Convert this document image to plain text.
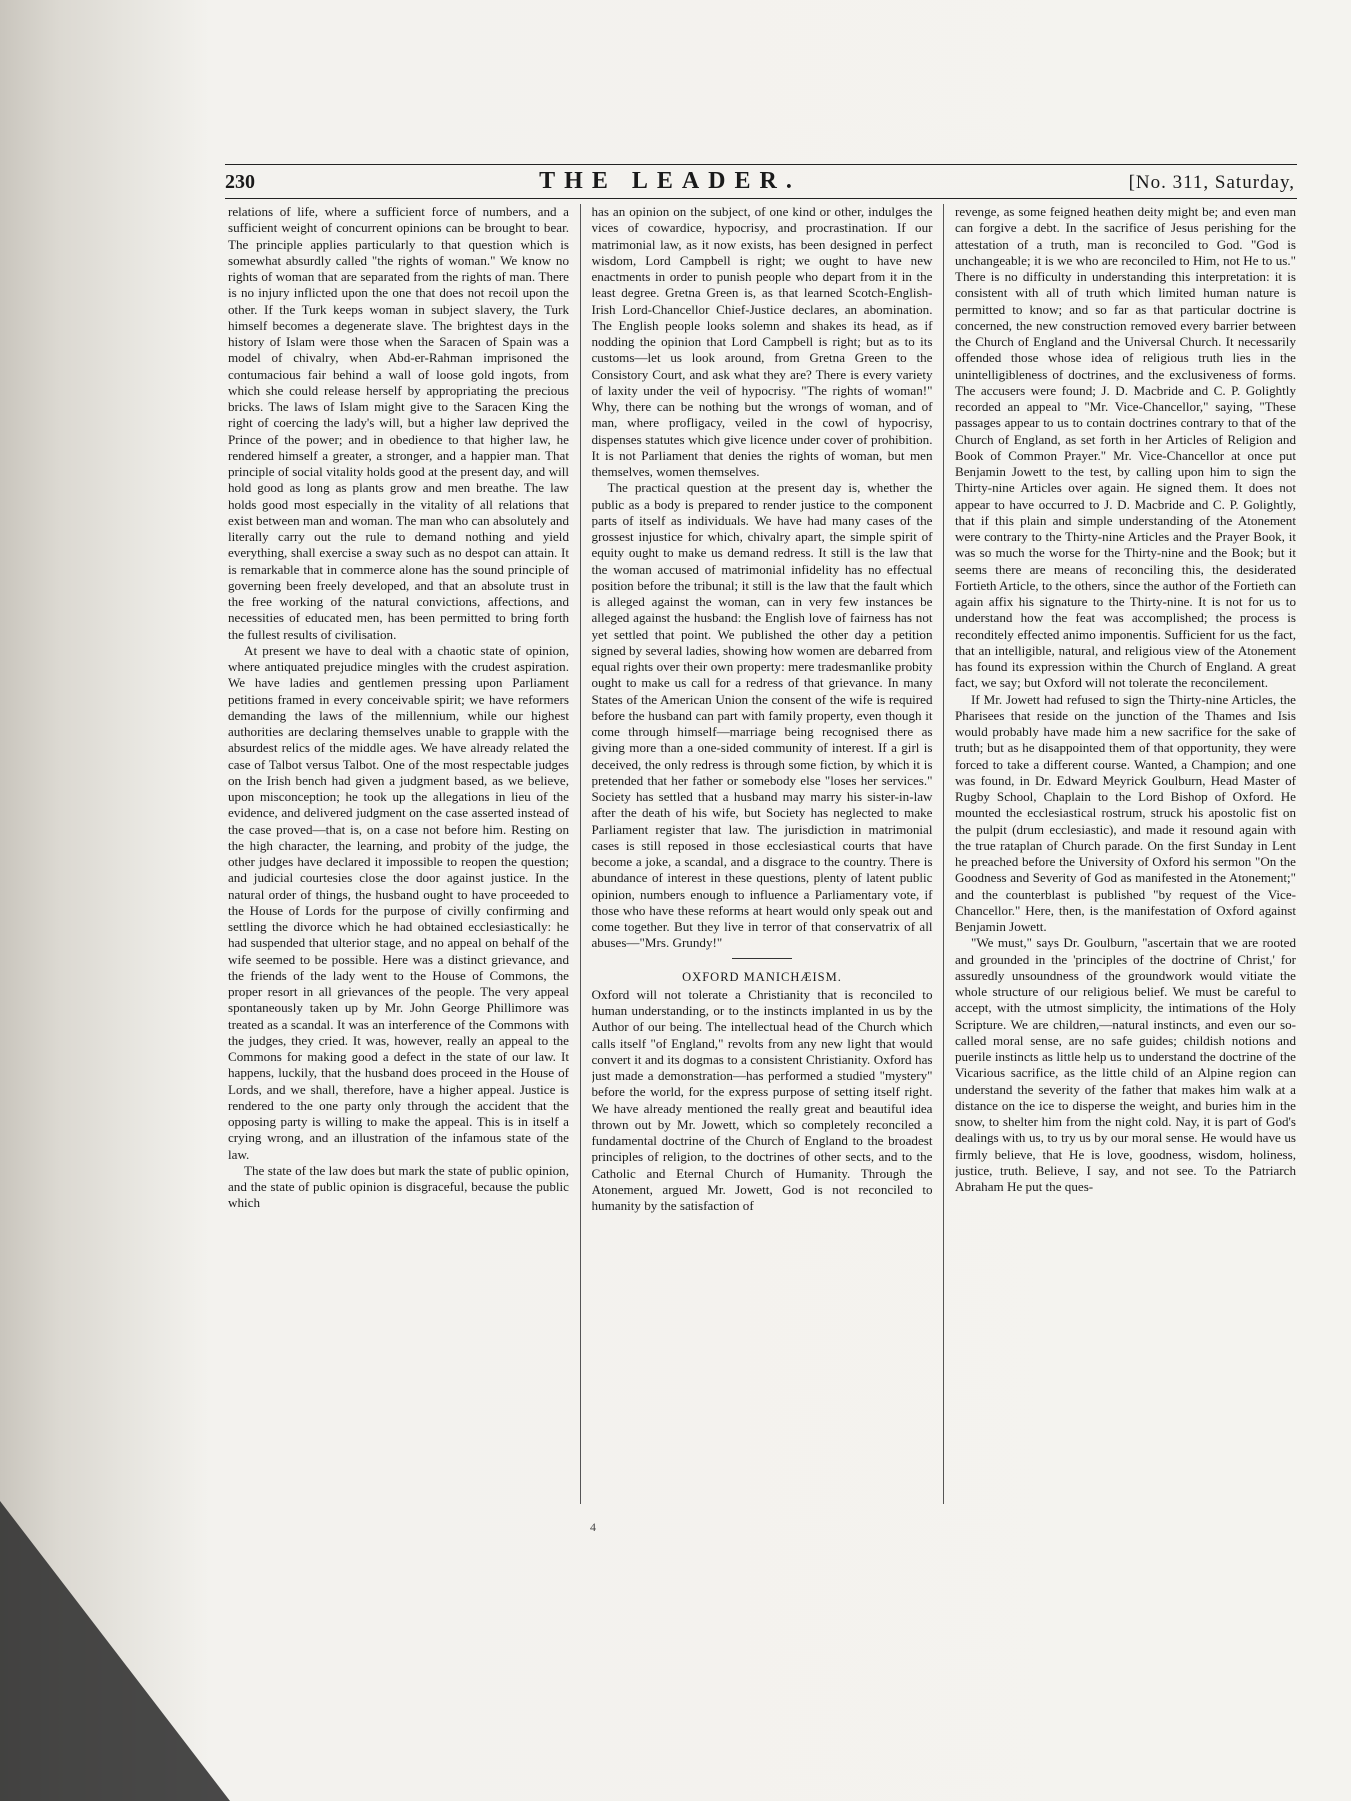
230	THE LEADER.	[No. 311, Saturday,

relations of life, where a sufficient force of numbers, and a sufficient weight of concurrent opinions can be brought to bear. The principle applies particularly to that question which is somewhat absurdly called "the rights of woman." We know no rights of woman that are separated from the rights of man. There is no injury inflicted upon the one that does not recoil upon the other. If the Turk keeps woman in subject slavery, the Turk himself becomes a degenerate slave. The brightest days in the history of Islam were those when the Saracen of Spain was a model of chivalry, when Abd-er-Rahman imprisoned the contumacious fair behind a wall of loose gold ingots, from which she could release herself by appropriating the precious bricks. The laws of Islam might give to the Saracen King the right of coercing the lady's will, but a higher law deprived the Prince of the power; and in obedience to that higher law, he rendered himself a greater, a stronger, and a happier man. That principle of social vitality holds good at the present day, and will hold good as long as plants grow and men breathe. The law holds good most especially in the vitality of all relations that exist between man and woman. The man who can absolutely and literally carry out the rule to demand nothing and yield everything, shall exercise a sway such as no despot can attain. It is remarkable that in commerce alone has the sound principle of governing been freely developed, and that an absolute trust in the free working of the natural convictions, affections, and necessities of educated men, has been permitted to bring forth the fullest results of civilisation.

At present we have to deal with a chaotic state of opinion, where antiquated prejudice mingles with the crudest aspiration. We have ladies and gentlemen pressing upon Parliament petitions framed in every conceivable spirit; we have reformers demanding the laws of the millennium, while our highest authorities are declaring themselves unable to grapple with the absurdest relics of the middle ages. We have already related the case of Talbot versus Talbot. One of the most respectable judges on the Irish bench had given a judgment based, as we believe, upon misconception; he took up the allegations in lieu of the evidence, and delivered judgment on the case asserted instead of the case proved—that is, on a case not before him. Resting on the high character, the learning, and probity of the judge, the other judges have declared it impossible to reopen the question; and judicial courtesies close the door against justice. In the natural order of things, the husband ought to have proceeded to the House of Lords for the purpose of civilly confirming and settling the divorce which he had obtained ecclesiastically: he had suspended that ulterior stage, and no appeal on behalf of the wife seemed to be possible. Here was a distinct grievance, and the friends of the lady went to the House of Commons, the proper resort in all grievances of the people. The very appeal spontaneously taken up by Mr. John George Phillimore was treated as a scandal. It was an interference of the Commons with the judges, they cried. It was, however, really an appeal to the Commons for making good a defect in the state of our law. It happens, luckily, that the husband does proceed in the House of Lords, and we shall, therefore, have a higher appeal. Justice is rendered to the one party only through the accident that the opposing party is willing to make the appeal. This is in itself a crying wrong, and an illustration of the infamous state of the law.

The state of the law does but mark the state of public opinion, and the state of public opinion is disgraceful, because the public which

has an opinion on the subject, of one kind or other, indulges the vices of cowardice, hypocrisy, and procrastination. If our matrimonial law, as it now exists, has been designed in perfect wisdom, Lord Campbell is right; we ought to have new enactments in order to punish people who depart from it in the least degree. Gretna Green is, as that learned Scotch-English-Irish Lord-Chancellor Chief-Justice declares, an abomination. The English people looks solemn and shakes its head, as if nodding the opinion that Lord Campbell is right; but as to its customs—let us look around, from Gretna Green to the Consistory Court, and ask what they are? There is every variety of laxity under the veil of hypocrisy. "The rights of woman!" Why, there can be nothing but the wrongs of woman, and of man, where profligacy, veiled in the cowl of hypocrisy, dispenses statutes which give licence under cover of prohibition. It is not Parliament that denies the rights of woman, but men themselves, women themselves.

The practical question at the present day is, whether the public as a body is prepared to render justice to the component parts of itself as individuals. We have had many cases of the grossest injustice for which, chivalry apart, the simple spirit of equity ought to make us demand redress. It still is the law that the woman accused of matrimonial infidelity has no effectual position before the tribunal; it still is the law that the fault which is alleged against the woman, can in very few instances be alleged against the husband: the English love of fairness has not yet settled that point. We published the other day a petition signed by several ladies, showing how women are debarred from equal rights over their own property: mere tradesmanlike probity ought to make us call for a redress of that grievance. In many States of the American Union the consent of the wife is required before the husband can part with family property, even though it come through himself—marriage being recognised there as giving more than a one-sided community of interest. If a girl is deceived, the only redress is through some fiction, by which it is pretended that her father or somebody else "loses her services." Society has settled that a husband may marry his sister-in-law after the death of his wife, but Society has neglected to make Parliament register that law. The jurisdiction in matrimonial cases is still reposed in those ecclesiastical courts that have become a joke, a scandal, and a disgrace to the country. There is abundance of interest in these questions, plenty of latent public opinion, numbers enough to influence a Parliamentary vote, if those who have these reforms at heart would only speak out and come together. But they live in terror of that conservatrix of all abuses—"Mrs. Grundy!"

OXFORD MANICHÆISM.

Oxford will not tolerate a Christianity that is reconciled to human understanding, or to the instincts implanted in us by the Author of our being. The intellectual head of the Church which calls itself "of England," revolts from any new light that would convert it and its dogmas to a consistent Christianity. Oxford has just made a demonstration—has performed a studied "mystery" before the world, for the express purpose of setting itself right. We have already mentioned the really great and beautiful idea thrown out by Mr. Jowett, which so completely reconciled a fundamental doctrine of the Church of England to the broadest principles of religion, to the doctrines of other sects, and to the Catholic and Eternal Church of Humanity. Through the Atonement, argued Mr. Jowett, God is not reconciled to humanity by the satisfaction of

revenge, as some feigned heathen deity might be; and even man can forgive a debt. In the sacrifice of Jesus perishing for the attestation of a truth, man is reconciled to God. "God is unchangeable; it is we who are reconciled to Him, not He to us." There is no difficulty in understanding this interpretation: it is consistent with all of truth which limited human nature is permitted to know; and so far as that particular doctrine is concerned, the new construction removed every barrier between the Church of England and the Universal Church. It necessarily offended those whose idea of religious truth lies in the unintelligibleness of doctrines, and the exclusiveness of forms. The accusers were found; J. D. Macbride and C. P. Golightly recorded an appeal to "Mr. Vice-Chancellor," saying, "These passages appear to us to contain doctrines contrary to that of the Church of England, as set forth in her Articles of Religion and Book of Common Prayer." Mr. Vice-Chancellor at once put Benjamin Jowett to the test, by calling upon him to sign the Thirty-nine Articles over again. He signed them. It does not appear to have occurred to J. D. Macbride and C. P. Golightly, that if this plain and simple understanding of the Atonement were contrary to the Thirty-nine Articles and the Prayer Book, it was so much the worse for the Thirty-nine and the Book; but it seems there are means of reconciling this, the desiderated Fortieth Article, to the others, since the author of the Fortieth can again affix his signature to the Thirty-nine. It is not for us to understand how the feat was accomplished; the process is reconditely effected animo imponentis. Sufficient for us the fact, that an intelligible, natural, and religious view of the Atonement has found its expression within the Church of England. A great fact, we say; but Oxford will not tolerate the reconcilement.

If Mr. Jowett had refused to sign the Thirty-nine Articles, the Pharisees that reside on the junction of the Thames and Isis would probably have made him a new sacrifice for the sake of truth; but as he disappointed them of that opportunity, they were forced to take a different course. Wanted, a Champion; and one was found, in Dr. Edward Meyrick Goulburn, Head Master of Rugby School, Chaplain to the Lord Bishop of Oxford. He mounted the ecclesiastical rostrum, struck his apostolic fist on the pulpit (drum ecclesiastic), and made it resound again with the true rataplan of Church parade. On the first Sunday in Lent he preached before the University of Oxford his sermon "On the Goodness and Severity of God as manifested in the Atonement;" and the counterblast is published "by request of the Vice-Chancellor." Here, then, is the manifestation of Oxford against Benjamin Jowett.

"We must," says Dr. Goulburn, "ascertain that we are rooted and grounded in the 'principles of the doctrine of Christ,' for assuredly unsoundness of the groundwork would vitiate the whole structure of our religious belief. We must be careful to accept, with the utmost simplicity, the intimations of the Holy Scripture. We are children,—natural instincts, and even our so-called moral sense, are no safe guides; childish notions and puerile instincts as little help us to understand the doctrine of the Vicarious sacrifice, as the little child of an Alpine region can understand the severity of the father that makes him walk at a distance on the ice to disperse the weight, and buries him in the snow, to shelter him from the night cold. Nay, it is part of God's dealings with us, to try us by our moral sense. He would have us firmly believe, that He is love, goodness, wisdom, holiness, justice, truth. Believe, I say, and not see. To the Patriarch Abraham He put the ques-

4
